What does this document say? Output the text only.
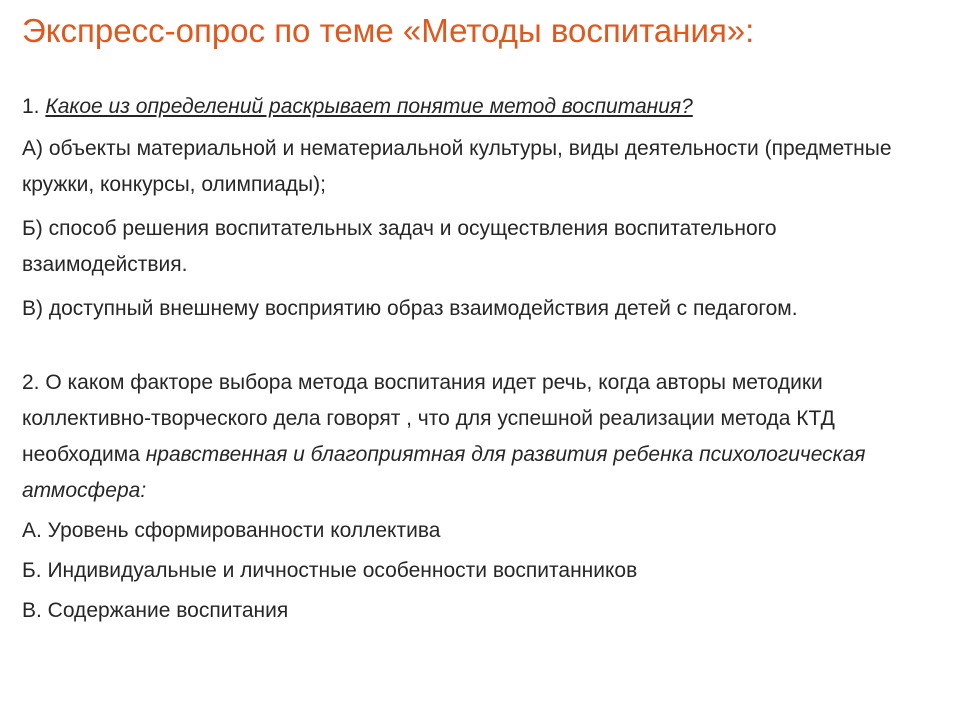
Экспресс-опрос по теме «Методы воспитания»:

1. Какое из определений раскрывает понятие метод воспитания?

А) объекты материальной и нематериальной культуры, виды деятельности (предметные кружки, конкурсы, олимпиады);

Б) способ решения воспитательных задач и осуществления воспитательного взаимодействия.

В) доступный внешнему восприятию образ взаимодействия детей с педагогом.

2. О каком факторе выбора метода воспитания идет речь, когда авторы методики коллективно-творческого дела говорят , что для успешной реализации метода КТД необходима нравственная и благоприятная для развития ребенка психологическая атмосфера:

А. Уровень сформированности коллектива

Б. Индивидуальные и личностные особенности воспитанников

В. Содержание воспитания
